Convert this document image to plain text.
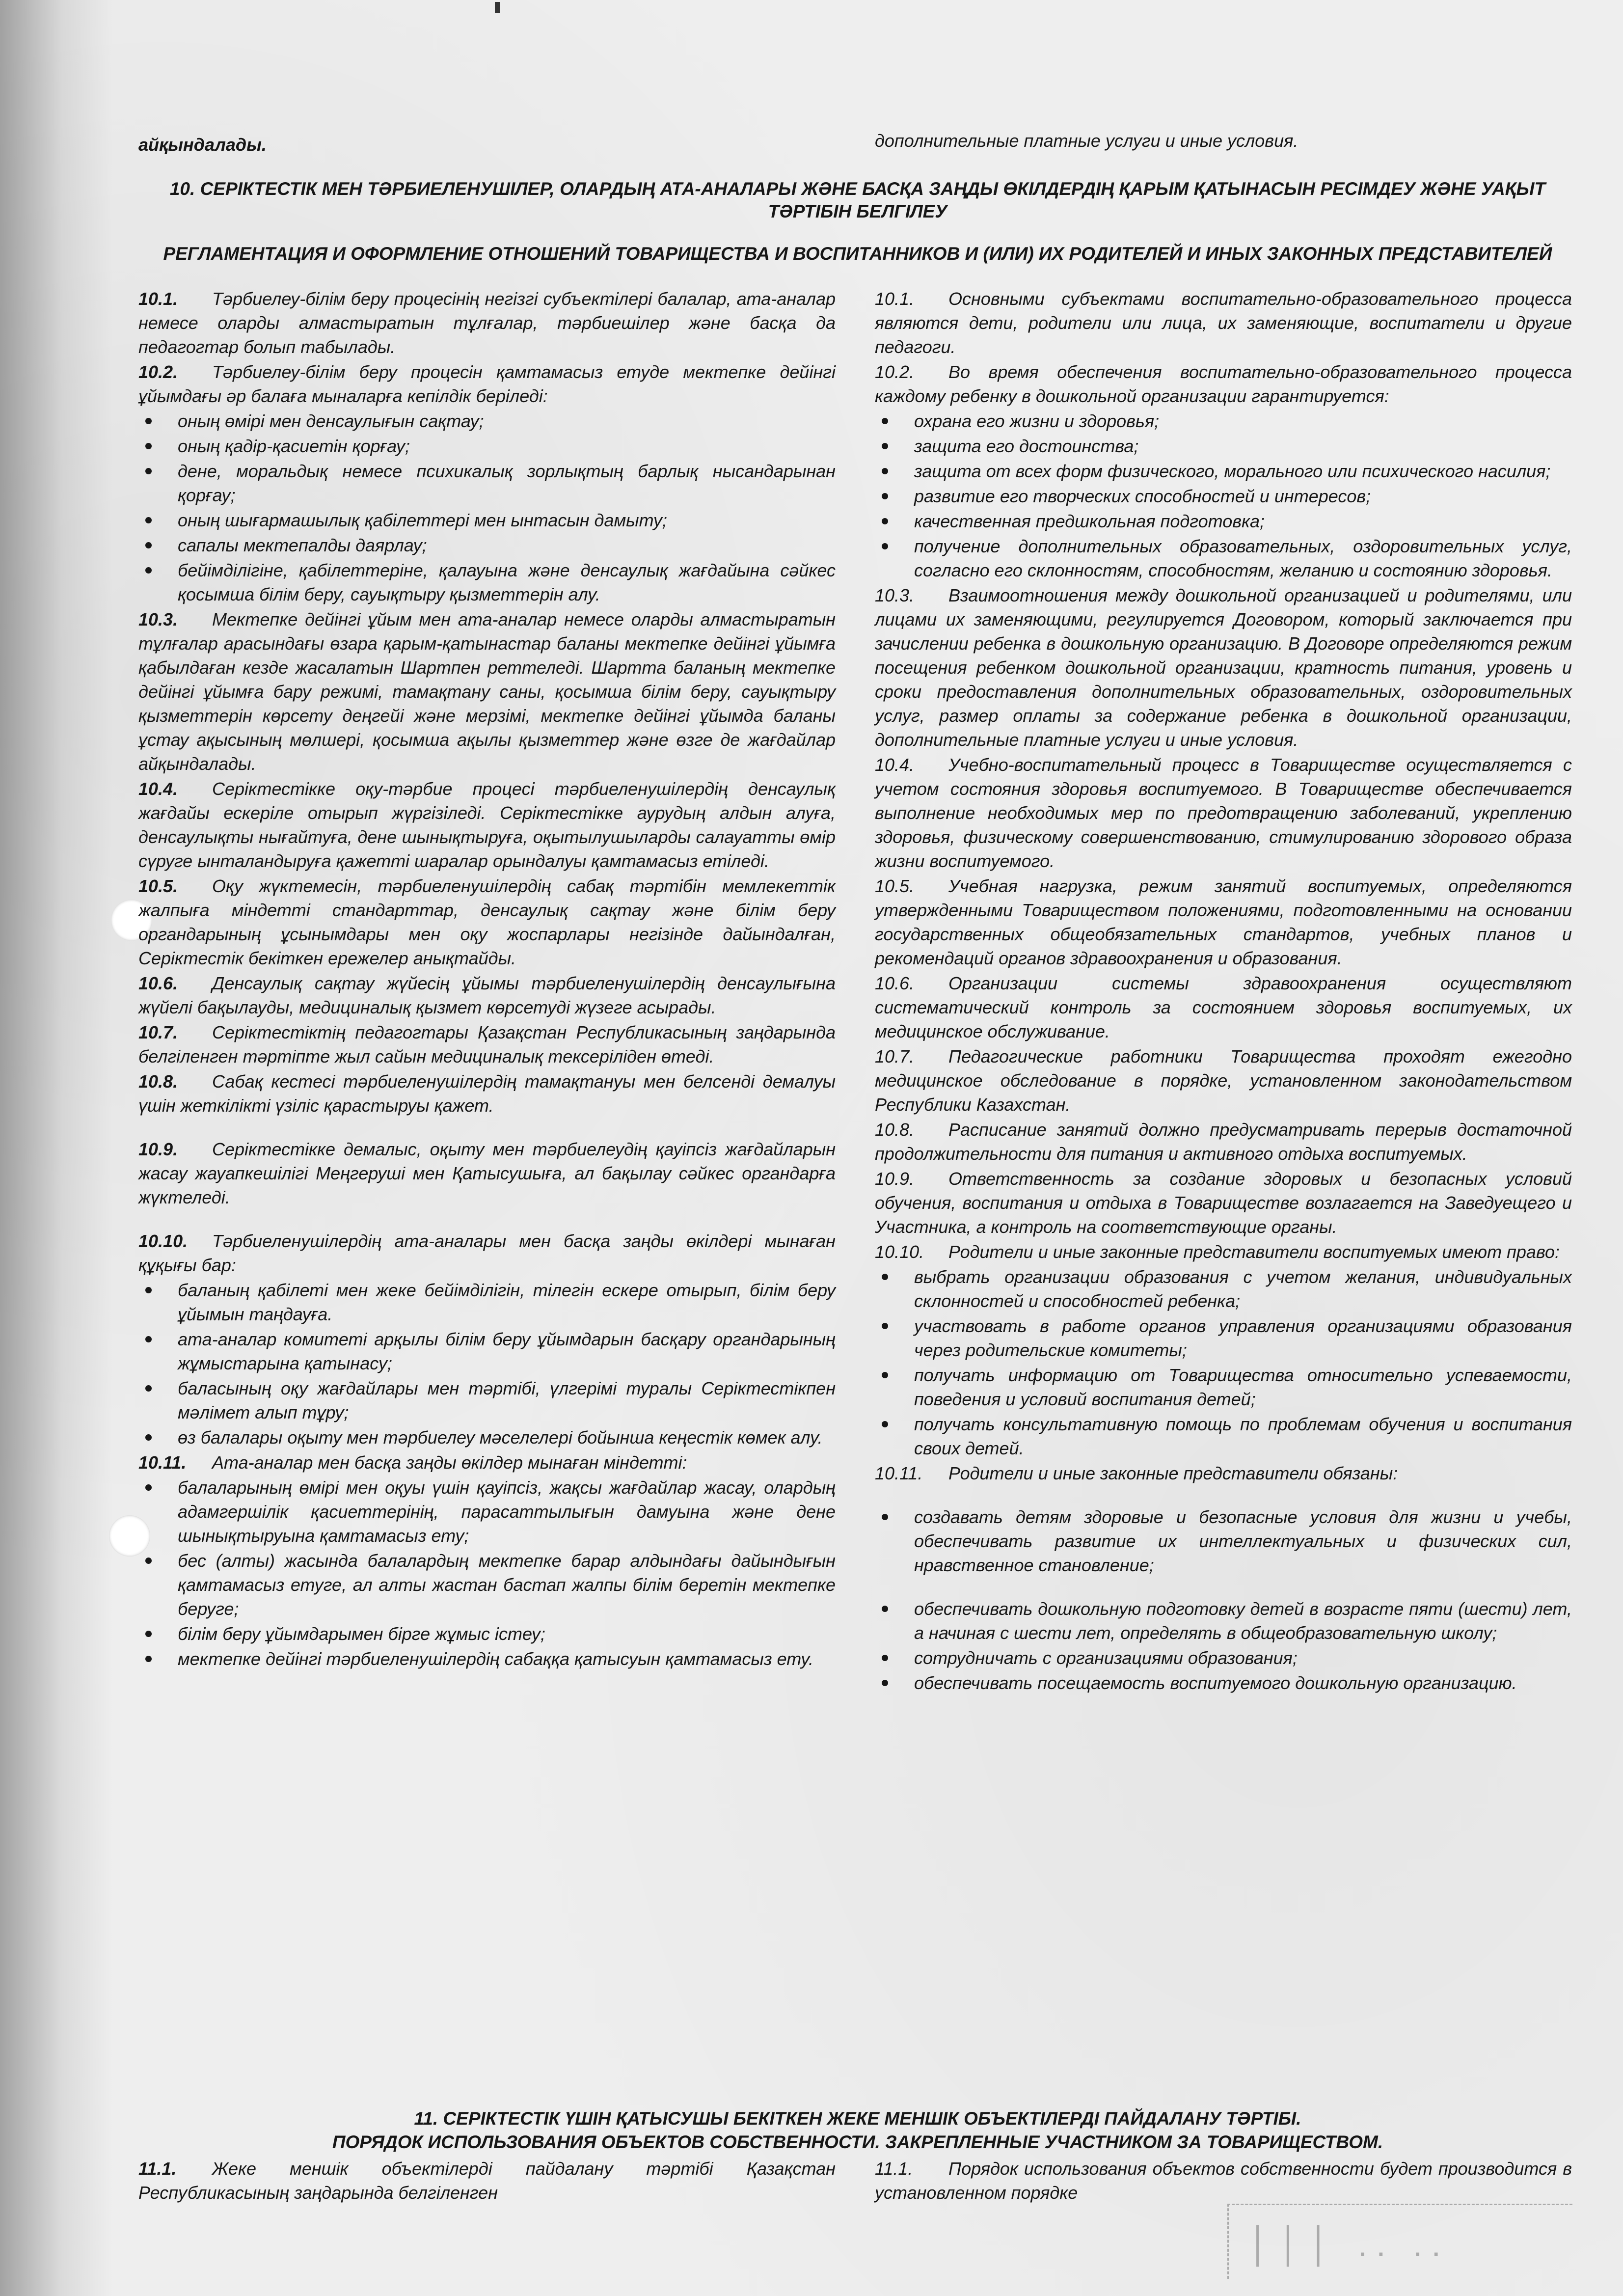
айқындалады.	дополнительные платные услуги и иные условия.

10. СЕРІКТЕСТІК МЕН ТӘРБИЕЛЕНУШІЛЕР, ОЛАРДЫҢ АТА-АНАЛАРЫ ЖӘНЕ БАСҚА ЗАҢДЫ ӨКІЛДЕРДІҢ ҚАРЫМ ҚАТЫНАСЫН РЕСІМДЕУ ЖӘНЕ УАҚЫТ ТӘРТІБІН БЕЛГІЛЕУ
РЕГЛАМЕНТАЦИЯ И ОФОРМЛЕНИЕ ОТНОШЕНИЙ ТОВАРИЩЕСТВА И ВОСПИТАННИКОВ И (ИЛИ) ИХ РОДИТЕЛЕЙ И ИНЫХ ЗАКОННЫХ ПРЕДСТАВИТЕЛЕЙ

10.1. Тәрбиелеу-білім беру процесінің негізгі субъектілері балалар, ата-аналар немесе оларды алмастыратын тұлғалар, тәрбиешілер және басқа да педагогтар болып табылады.

10.2. Тәрбиелеу-білім беру процесін қамтамасыз етуде мектепке дейінгі ұйымдағы әр балаға мыналарға кепілдік беріледі:

оның өмірі мен денсаулығын сақтау;
оның қадір-қасиетін қорғау;
дене, моральдық немесе психикалық зорлықтың барлық нысандарынан қорғау;
оның шығармашылық қабілеттері мен ынтасын дамыту;
сапалы мектепалды даярлау;
бейімділігіне, қабілеттеріне, қалауына және денсаулық жағдайына сәйкес қосымша білім беру, сауықтыру қызметтерін алу.

10.3. Мектепке дейінгі ұйым мен ата-аналар немесе оларды алмастыратын тұлғалар арасындағы өзара қарым-қатынастар баланы мектепке дейінгі ұйымға қабылдаған кезде жасалатын Шартпен реттеледі. Шартта баланың мектепке дейінгі ұйымға бару режимі, тамақтану саны, қосымша білім беру, сауықтыру қызметтерін көрсету деңгейі және мерзімі, мектепке дейінгі ұйымда баланы ұстау ақысының мөлшері, қосымша ақылы қызметтер және өзге де жағдайлар айқындалады.

10.4. Серіктестікке оқу-тәрбие процесі тәрбиеленушілердің денсаулық жағдайы ескеріле отырып жүргізіледі. Серіктестікке аурудың алдын алуға, денсаулықты нығайтуға, дене шынықтыруға, оқытылушыларды салауатты өмір сүруге ынталандыруға қажетті шаралар орындалуы қамтамасыз етіледі.

10.5. Оқу жүктемесін, тәрбиеленушілердің сабақ тәртібін мемлекеттік жалпыға міндетті стандарттар, денсаулық сақтау және білім беру органдарының ұсынымдары мен оқу жоспарлары негізінде дайындалған, Серіктестік бекіткен ережелер анықтайды.

10.6. Денсаулық сақтау жүйесің ұйымы тәрбиеленушілердің денсаулығына жүйелі бақылауды, медициналық қызмет көрсетуді жүзеге асырады.

10.7. Серіктестіктің педагогтары Қазақстан Республикасының заңдарында белгіленген тәртіпте жыл сайын медициналық тексеріліден өтеді.

10.8. Сабақ кестесі тәрбиеленушілердің тамақтануы мен белсенді демалуы үшін жеткілікті үзіліс қарастыруы қажет.

10.9. Серіктестікке демалыс, оқыту мен тәрбиелеудің қауіпсіз жағдайларын жасау жауапкешілігі Меңгеруші мен Қатысушыға, ал бақылау сәйкес органдарға жүктеледі.

10.10. Тәрбиеленушілердің ата-аналары мен басқа заңды өкілдері мынаған құқығы бар:

баланың қабілеті мен жеке бейімділігін, тілегін ескере отырып, білім беру ұйымын таңдауға.
ата-аналар комитеті арқылы білім беру ұйымдарын басқару органдарының жұмыстарына қатынасу;
баласының оқу жағдайлары мен тәртібі, үлгерімі туралы Серіктестікпен мәлімет алып тұру;
өз балалары оқыту мен тәрбиелеу мәселелері бойынша кеңестік көмек алу.

10.11. Ата-аналар мен басқа заңды өкілдер мынаған міндетті:

балаларының өмірі мен оқуы үшін қауіпсіз, жақсы жағдайлар жасау, олардың адамгершілік қасиеттерінің, парасаттылығын дамуына және дене шынықтыруына қамтамасыз ету;
бес (алты) жасында балалардың мектепке барар алдындағы дайындығын қамтамасыз етуге, ал алты жастан бастап жалпы білім беретін мектепке беруге;
білім беру ұйымдарымен бірге жұмыс істеу;
мектепке дейінгі тәрбиеленушілердің сабаққа қатысуын қамтамасыз ету.

10.1. Основными субъектами воспитательно-образовательного процесса являются дети, родители или лица, их заменяющие, воспитатели и другие педагоги.

10.2. Во время обеспечения воспитательно-образовательного процесса каждому ребенку в дошкольной организации гарантируется:

охрана его жизни и здоровья;
защита его достоинства;
защита от всех форм физического, морального или психического насилия;
развитие его творческих способностей и интересов;
качественная предшкольная подготовка;
получение дополнительных образовательных, оздоровительных услуг, согласно его склонностям, способностям, желанию и состоянию здоровья.

10.3. Взаимоотношения между дошкольной организацией и родителями, или лицами их заменяющими, регулируется Договором, который заключается при зачислении ребенка в дошкольную организацию. В Договоре определяются режим посещения ребенком дошкольной организации, кратность питания, уровень и сроки предоставления дополнительных образовательных, оздоровительных услуг, размер оплаты за содержание ребенка в дошкольной организации, дополнительные платные услуги и иные условия.

10.4. Учебно-воспитательный процесс в Товариществе осуществляется с учетом состояния здоровья воспитуемого. В Товариществе обеспечивается выполнение необходимых мер по предотвращению заболеваний, укреплению здоровья, физическому совершенствованию, стимулированию здорового образа жизни воспитуемого.

10.5. Учебная нагрузка, режим занятий воспитуемых, определяются утвержденными Товариществом положениями, подготовленными на основании государственных общеобязательных стандартов, учебных планов и рекомендаций органов здравоохранения и образования.

10.6. Организации системы здравоохранения осуществляют систематический контроль за состоянием здоровья воспитуемых, их медицинское обслуживание.

10.7. Педагогические работники Товарищества проходят ежегодно медицинское обследование в порядке, установленном законодательством Республики Казахстан.

10.8. Расписание занятий должно предусматривать перерыв достаточной продолжительности для питания и активного отдыха воспитуемых.

10.9. Ответственность за создание здоровых и безопасных условий обучения, воспитания и отдыха в Товариществе возлагается на Заведуещего и Участника, а контроль на соответствующие органы.

10.10. Родители и иные законные представители воспитуемых имеют право:

выбрать организации образования с учетом желания, индивидуальных склонностей и способностей ребенка;
участвовать в работе органов управления организациями образования через родительские комитеты;
получать информацию от Товарищества относительно успеваемости, поведения и условий воспитания детей;
получать консультативную помощь по проблемам обучения и воспитания своих детей.

10.11. Родители и иные законные представители обязаны:

создавать детям здоровые и безопасные условия для жизни и учебы, обеспечивать развитие их интеллектуальных и физических сил, нравственное становление;
обеспечивать дошкольную подготовку детей в возрасте пяти (шести) лет, а начиная с шести лет, определять в общеобразовательную школу;
сотрудничать с организациями образования;
обеспечивать посещаемость воспитуемого дошкольную организацию.
11. СЕРІКТЕСТІК ҮШІН ҚАТЫСУШЫ БЕКІТКЕН ЖЕКЕ МЕНШІК ОБЪЕКТІЛЕРДІ ПАЙДАЛАНУ ТӘРТІБІ.
ПОРЯДОК ИСПОЛЬЗОВАНИЯ ОБЪЕКТОВ СОБСТВЕННОСТИ. ЗАКРЕПЛЕННЫЕ УЧАСТНИКОМ ЗА ТОВАРИЩЕСТВОМ.

11.1. Жеке меншік объектілерді пайдалану тәртібі Қазақстан Республикасының заңдарында белгіленген

11.1. Порядок использования объектов собственности будет производится в установленном порядке

│││ .. ..
